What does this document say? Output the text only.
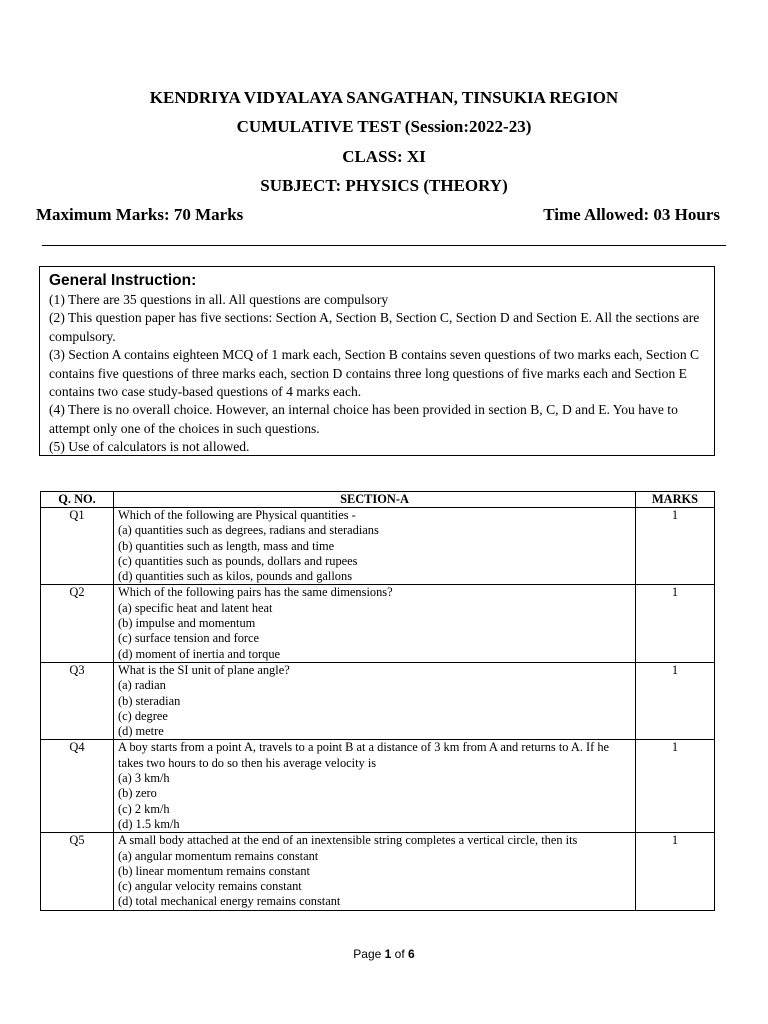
KENDRIYA VIDYALAYA SANGATHAN, TINSUKIA REGION
CUMULATIVE TEST (Session:2022-23)
CLASS: XI
SUBJECT: PHYSICS (THEORY)
Maximum Marks: 70 Marks	Time Allowed: 03 Hours
General Instruction:
(1) There are 35 questions in all. All questions are compulsory
(2) This question paper has five sections: Section A, Section B, Section C, Section D and Section E. All the sections are compulsory.
(3) Section A contains eighteen MCQ of 1 mark each, Section B contains seven questions of two marks each, Section C contains five questions of three marks each, section D contains three long questions of five marks each and Section E contains two case study-based questions of 4 marks each.
(4) There is no overall choice. However, an internal choice has been provided in section B, C, D and E. You have to attempt only one of the choices in such questions.
(5) Use of calculators is not allowed.
Q. NO.	SECTION-A	MARKS
Q1	Which of the following are Physical quantities -
(a) quantities such as degrees, radians and steradians
(b) quantities such as length, mass and time
(c) quantities such as pounds, dollars and rupees
(d) quantities such as kilos, pounds and gallons	1
Q2	Which of the following pairs has the same dimensions?
(a) specific heat and latent heat
(b) impulse and momentum
(c) surface tension and force
(d) moment of inertia and torque	1
Q3	What is the SI unit of plane angle?
(a) radian
(b) steradian
(c) degree
(d) metre	1
Q4	A boy starts from a point A, travels to a point B at a distance of 3 km from A and returns to A. If he takes two hours to do so then his average velocity is
(a) 3 km/h
(b) zero
(c) 2 km/h
(d) 1.5 km/h	1
Q5	A small body attached at the end of an inextensible string completes a vertical circle, then its
(a) angular momentum remains constant
(b) linear momentum remains constant
(c) angular velocity remains constant
(d) total mechanical energy remains constant	1
Page 1 of 6
